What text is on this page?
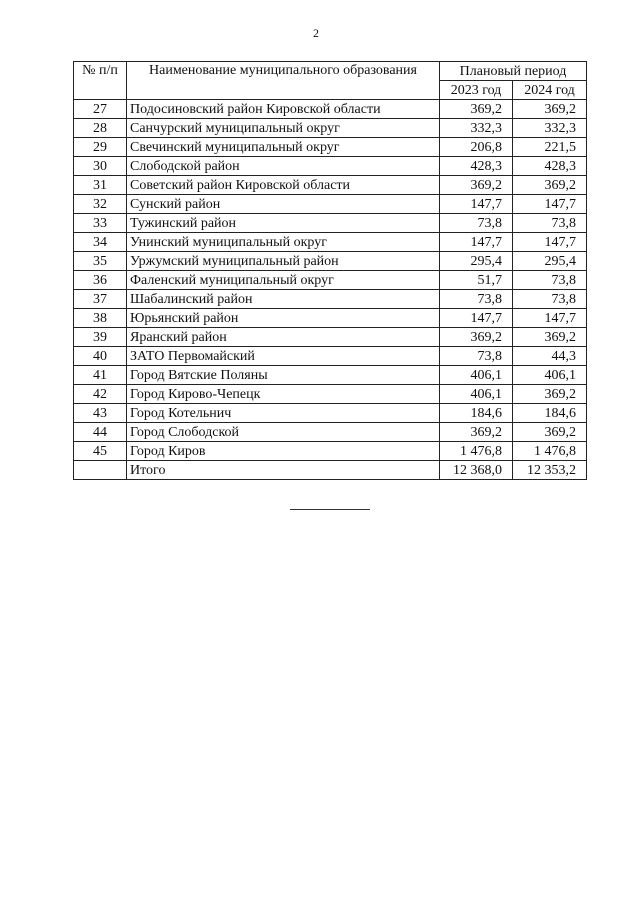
2
№ п/п	Наименование муниципального образования	Плановый период	
		2023 год	2024 год
27	Подосиновский район Кировской области	369,2	369,2
28	Санчурский муниципальный округ	332,3	332,3
29	Свечинский муниципальный округ	206,8	221,5
30	Слободской район	428,3	428,3
31	Советский район Кировской области	369,2	369,2
32	Сунский район	147,7	147,7
33	Тужинский район	73,8	73,8
34	Унинский муниципальный округ	147,7	147,7
35	Уржумский муниципальный район	295,4	295,4
36	Фаленский муниципальный округ	51,7	73,8
37	Шабалинский район	73,8	73,8
38	Юрьянский район	147,7	147,7
39	Яранский район	369,2	369,2
40	ЗАТО Первомайский	73,8	44,3
41	Город Вятские Поляны	406,1	406,1
42	Город Кирово-Чепецк	406,1	369,2
43	Город Котельнич	184,6	184,6
44	Город Слободской	369,2	369,2
45	Город Киров	1 476,8	1 476,8
	Итого	12 368,0	12 353,2
